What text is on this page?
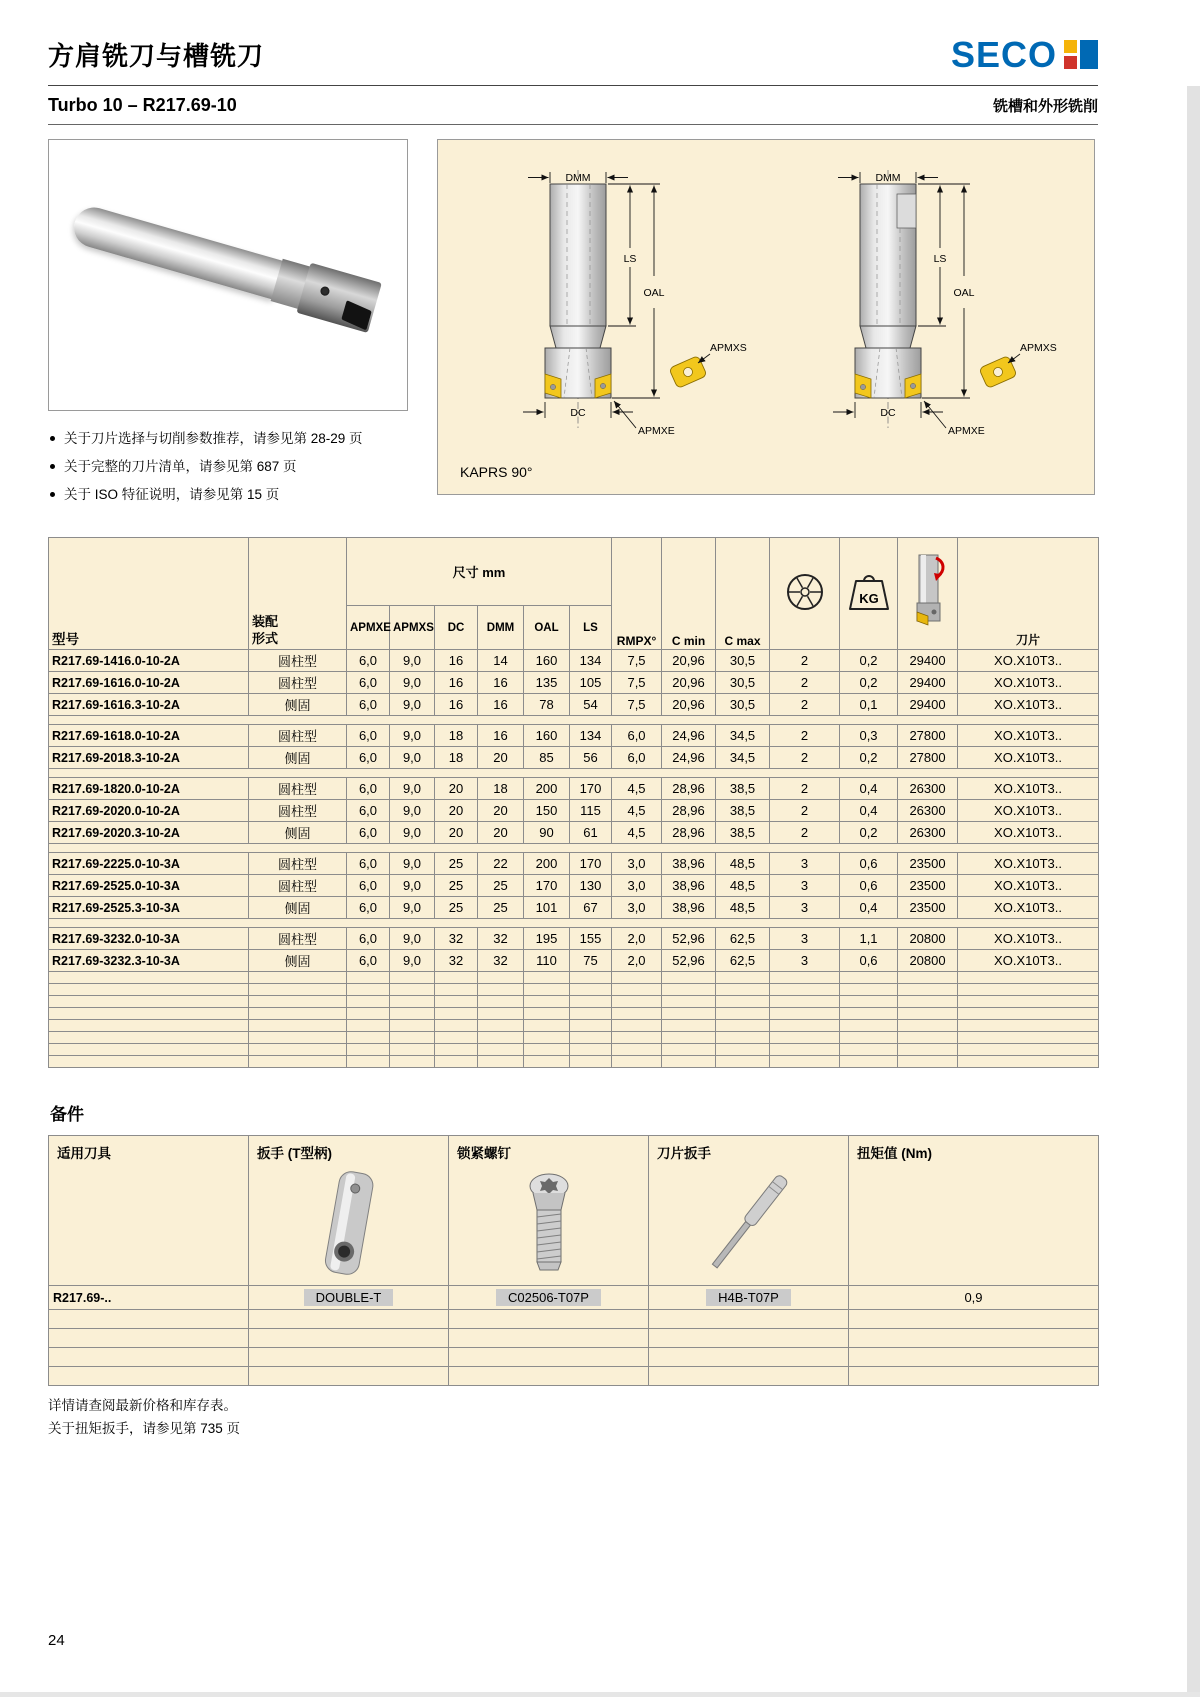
方肩铣刀与槽铣刀	SECO
Turbo 10 – R217.69-10	铣槽和外形铣削
关于刀片选择与切削参数推荐，请参见第 28-29 页
关于完整的刀片清单，请参见第 687 页
关于 ISO 特征说明，请参见第 15 页
DMM
LS
OAL
DC
APMXS
APMXE
DMM
LS
OAL
DC
APMXS
APMXE
KAPRS 90°
型号	装配
形式	尺寸 mm						RMPX°	C min	C max		KG		刀片
		APMXE	APMXS	DC	DMM	OAL	LS							
R217.69-1416.0-10-2A	圆柱型	6,0	9,0	16	14	160	134	7,5	20,96	30,5	2	0,2	29400	XO.X10T3..
R217.69-1616.0-10-2A	圆柱型	6,0	9,0	16	16	135	105	7,5	20,96	30,5	2	0,2	29400	XO.X10T3..
R217.69-1616.3-10-2A	侧固	6,0	9,0	16	16	78	54	7,5	20,96	30,5	2	0,1	29400	XO.X10T3..

R217.69-1618.0-10-2A	圆柱型	6,0	9,0	18	16	160	134	6,0	24,96	34,5	2	0,3	27800	XO.X10T3..
R217.69-2018.3-10-2A	侧固	6,0	9,0	18	20	85	56	6,0	24,96	34,5	2	0,2	27800	XO.X10T3..

R217.69-1820.0-10-2A	圆柱型	6,0	9,0	20	18	200	170	4,5	28,96	38,5	2	0,4	26300	XO.X10T3..
R217.69-2020.0-10-2A	圆柱型	6,0	9,0	20	20	150	115	4,5	28,96	38,5	2	0,4	26300	XO.X10T3..
R217.69-2020.3-10-2A	侧固	6,0	9,0	20	20	90	61	4,5	28,96	38,5	2	0,2	26300	XO.X10T3..

R217.69-2225.0-10-3A	圆柱型	6,0	9,0	25	22	200	170	3,0	38,96	48,5	3	0,6	23500	XO.X10T3..
R217.69-2525.0-10-3A	圆柱型	6,0	9,0	25	25	170	130	3,0	38,96	48,5	3	0,6	23500	XO.X10T3..
R217.69-2525.3-10-3A	侧固	6,0	9,0	25	25	101	67	3,0	38,96	48,5	3	0,4	23500	XO.X10T3..

R217.69-3232.0-10-3A	圆柱型	6,0	9,0	32	32	195	155	2,0	52,96	62,5	3	1,1	20800	XO.X10T3..
R217.69-3232.3-10-3A	侧固	6,0	9,0	32	32	110	75	2,0	52,96	62,5	3	0,6	20800	XO.X10T3..

备件
适用刀具	扳手 (T型柄)	锁紧螺钉	刀片扳手	扭矩值 (Nm)

R217.69-..	DOUBLE-T	C02506-T07P	H4B-T07P	0,9

详情请查阅最新价格和库存表。
关于扭矩扳手，请参见第 735 页
24
